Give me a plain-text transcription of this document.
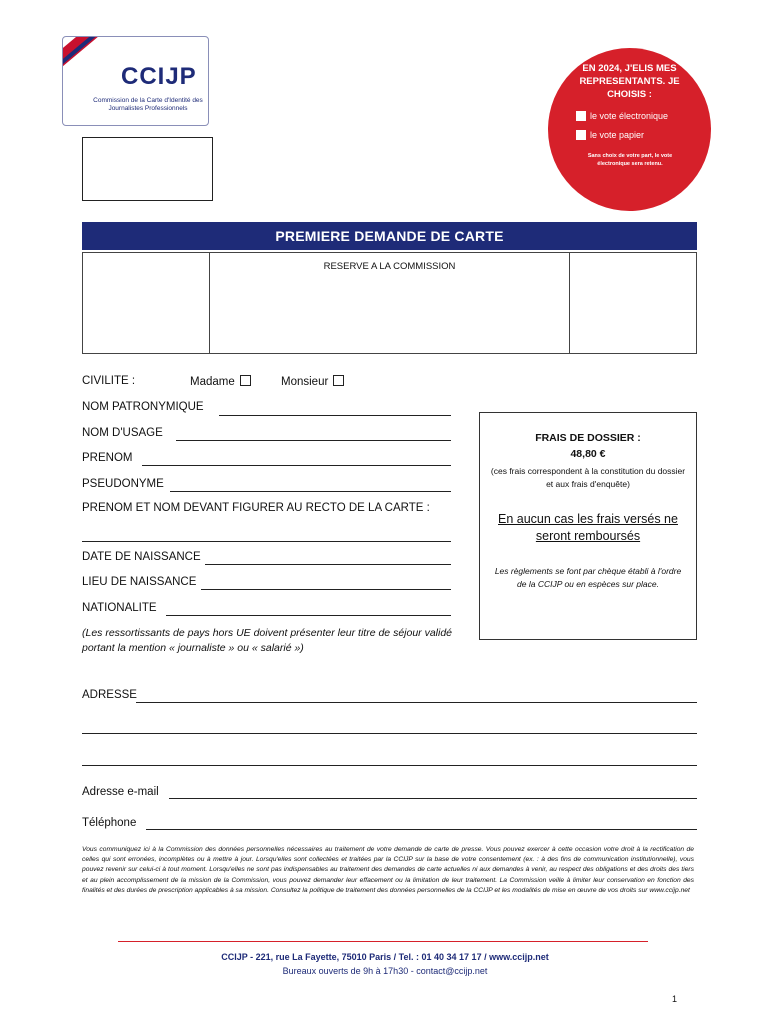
CCIJP
Commission de la Carte d'Identité des Journalistes Professionnels
EN 2024, J'ELIS MES REPRESENTANTS. JE CHOISIS :
le vote électronique
le vote papier
Sans choix de votre part, le vote électronique sera retenu.
PREMIERE DEMANDE DE CARTE
RESERVE A LA COMMISSION
CIVILITE :	Madame	Monsieur
NOM PATRONYMIQUE
NOM D'USAGE
PRENOM
PSEUDONYME
PRENOM ET NOM DEVANT FIGURER AU RECTO DE LA CARTE :
DATE DE NAISSANCE
LIEU DE NAISSANCE
NATIONALITE
(Les ressortissants de pays hors UE doivent présenter leur titre de séjour validé portant la mention « journaliste » ou « salarié »)
FRAIS DE DOSSIER :
48,80 €
(ces frais correspondent à la constitution du dossier et aux frais d'enquête)
En aucun cas les frais versés ne seront remboursés
Les règlements se font par chèque établi à l'ordre de la CCIJP ou en espèces sur place.
ADRESSE
Adresse e-mail
Téléphone
Vous communiquez ici à la Commission des données personnelles nécessaires au traitement de votre demande de carte de presse. Vous pouvez exercer à cette occasion votre droit à la rectification de celles qui sont erronées, incomplètes ou à mettre à jour. Lorsqu'elles sont collectées et traitées par la CCIJP sur la base de votre consentement (ex. : à des fins de communication institutionnelle), vous pouvez revenir sur celui-ci à tout moment. Lorsqu'elles ne sont pas indispensables au traitement des demandes de carte actuelles ni aux demandes à venir, au respect des obligations et des droits des tiers et au plein accomplissement de la mission de la Commission, vous pouvez demander leur effacement ou la limitation de leur traitement. La Commission veille à limiter leur conservation en fonction des finalités et des durées de prescription applicables à sa mission. Consultez la politique de traitement des données personnelles de la CCIJP et les modalités de mise en œuvre de vos droits sur www.ccijp.net
CCIJP - 221, rue La Fayette, 75010 Paris / Tel. : 01 40 34 17 17 / www.ccijp.net
Bureaux ouverts de 9h à 17h30 - contact@ccijp.net
1
